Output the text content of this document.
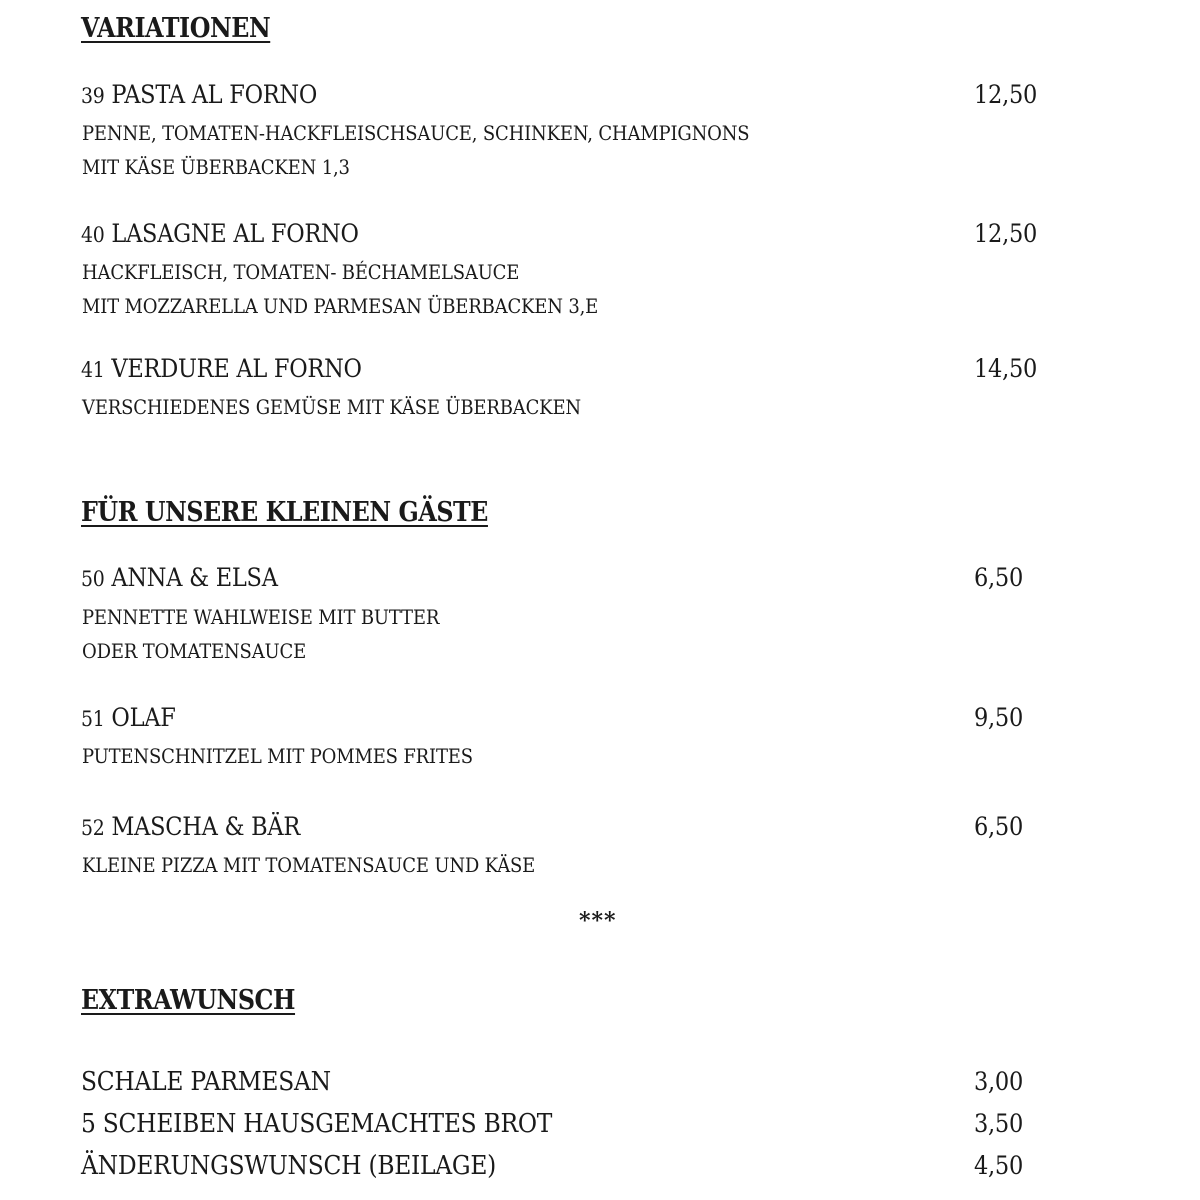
VARIATIONEN
39 PASTA AL FORNO	12,50
PENNE, TOMATEN-HACKFLEISCHSAUCE, SCHINKEN, CHAMPIGNONS
MIT KÄSE ÜBERBACKEN 1,3
40 LASAGNE AL FORNO	12,50
HACKFLEISCH, TOMATEN- BÉCHAMELSAUCE
MIT MOZZARELLA UND PARMESAN ÜBERBACKEN 3,E
41 VERDURE AL FORNO	14,50
VERSCHIEDENES GEMÜSE MIT KÄSE ÜBERBACKEN
FÜR UNSERE KLEINEN GÄSTE
50 ANNA & ELSA	6,50
PENNETTE WAHLWEISE MIT BUTTER
ODER TOMATENSAUCE
51 OLAF	9,50
PUTENSCHNITZEL MIT POMMES FRITES
52 MASCHA & BÄR	6,50
KLEINE PIZZA MIT TOMATENSAUCE UND KÄSE
***
EXTRAWUNSCH
SCHALE PARMESAN	3,00
5 SCHEIBEN HAUSGEMACHTES BROT	3,50
ÄNDERUNGSWUNSCH (BEILAGE)	4,50
